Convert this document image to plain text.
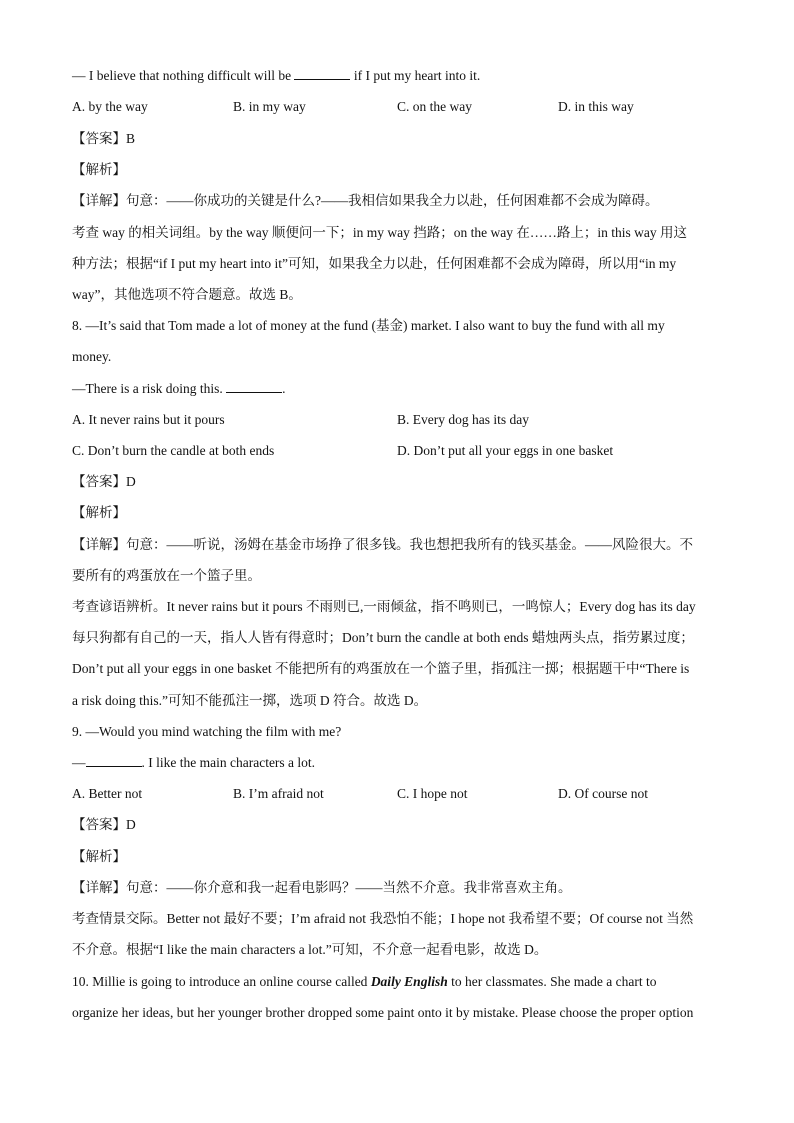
— I believe that nothing difficult will be	if I put my heart into it.
A. by the way	B. in my way	C. on the way	D. in this way
【答案】B
【解析】
【详解】句意：——你成功的关键是什么?——我相信如果我全力以赴，任何困难都不会成为障碍。
考查 way 的相关词组。by the way 顺便问一下；in my way 挡路；on the way 在……路上；in this way 用这
种方法；根据“if I put my heart into it”可知，如果我全力以赴，任何困难都不会成为障碍，所以用“in my
way”，其他选项不符合题意。故选 B。
8. —It’s said that Tom made a lot of money at the fund (基金) market. I also want to buy the fund with all my
money.
—There is a risk doing this.	.
A. It never rains but it pours	B. Every dog has its day
C. Don’t burn the candle at both ends	D. Don’t put all your eggs in one basket
【答案】D
【解析】
【详解】句意：——听说，汤姆在基金市场挣了很多钱。我也想把我所有的钱买基金。——风险很大。不
要所有的鸡蛋放在一个篮子里。
考查谚语辨析。It never rains but it pours 不雨则已,一雨倾盆，指不鸣则已，一鸣惊人；Every dog has its day
每只狗都有自己的一天，指人人皆有得意时；Don’t burn the candle at both ends 蜡烛两头点，指劳累过度；
Don’t put all your eggs in one basket 不能把所有的鸡蛋放在一个篮子里，指孤注一掷；根据题干中“There is
a risk doing this.”可知不能孤注一掷，选项 D 符合。故选 D。
9. —Would you mind watching the film with me?
—	. I like the main characters a lot.
A. Better not	B. I’m afraid not	C. I hope not	D. Of course not
【答案】D
【解析】
【详解】句意：——你介意和我一起看电影吗？——当然不介意。我非常喜欢主角。
考查情景交际。Better not 最好不要；I’m afraid not 我恐怕不能；I hope not 我希望不要；Of course not 当然
不介意。根据“I like the main characters a lot.”可知，不介意一起看电影，故选 D。
10. Millie is going to introduce an online course called Daily English to her classmates. She made a chart to
organize her ideas, but her younger brother dropped some paint onto it by mistake. Please choose the proper option
